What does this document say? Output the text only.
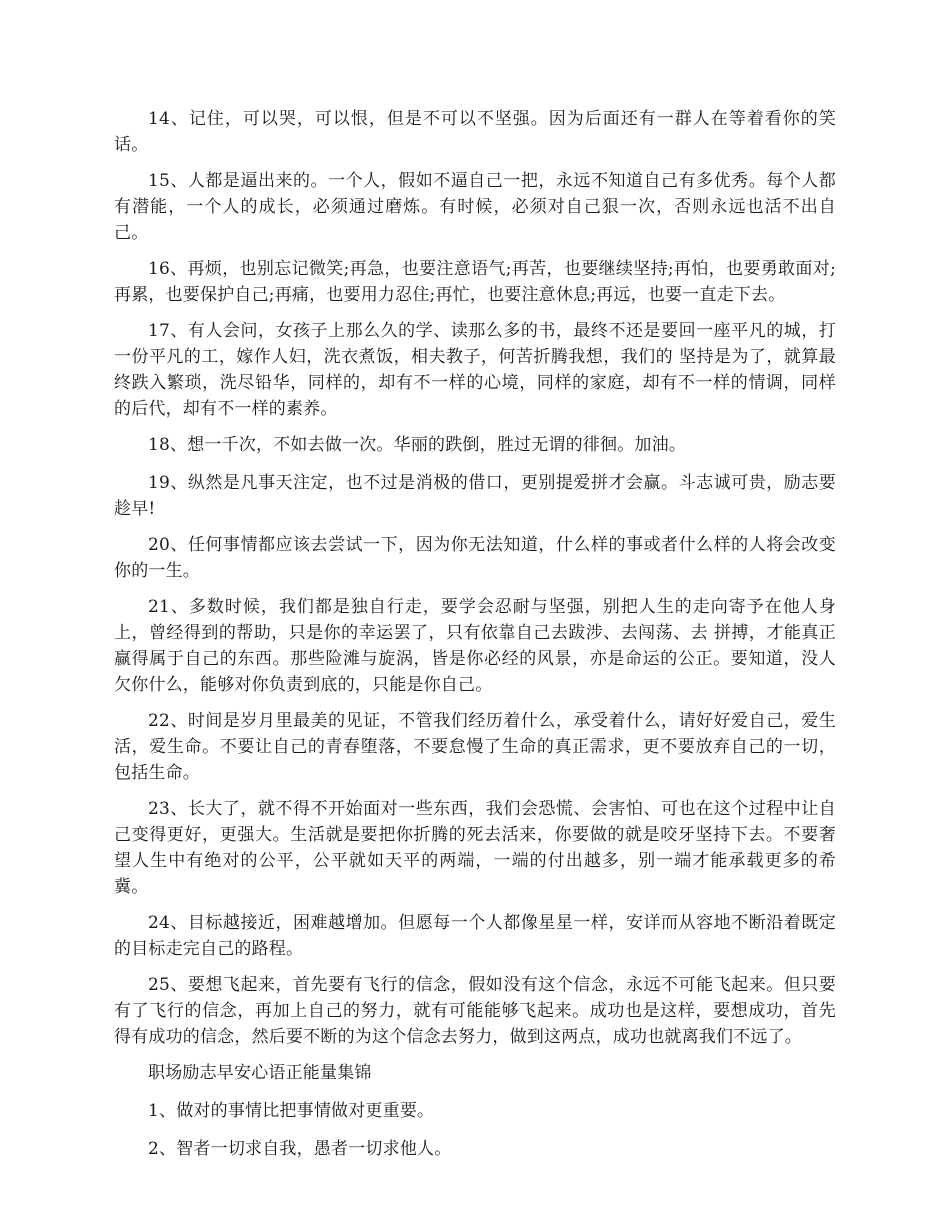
14、记住，可以哭，可以恨，但是不可以不坚强。因为后面还有一群人在等着看你的笑话。

15、人都是逼出来的。一个人，假如不逼自己一把，永远不知道自己有多优秀。每个人都有潜能，一个人的成长，必须通过磨炼。有时候，必须对自己狠一次，否则永远也活不出自己。

16、再烦，也别忘记微笑;再急，也要注意语气;再苦，也要继续坚持;再怕，也要勇敢面对;再累，也要保护自己;再痛，也要用力忍住;再忙，也要注意休息;再远，也要一直走下去。

17、有人会问，女孩子上那么久的学、读那么多的书，最终不还是要回一座平凡的城，打一份平凡的工，嫁作人妇，洗衣煮饭，相夫教子，何苦折腾我想，我们的 坚持是为了，就算最终跌入繁琐，洗尽铅华，同样的，却有不一样的心境，同样的家庭，却有不一样的情调，同样的后代，却有不一样的素养。

18、想一千次，不如去做一次。华丽的跌倒，胜过无谓的徘徊。加油。

19、纵然是凡事天注定，也不过是消极的借口，更别提爱拼才会赢。斗志诚可贵，励志要趁早!

20、任何事情都应该去尝试一下，因为你无法知道，什么样的事或者什么样的人将会改变你的一生。

21、多数时候，我们都是独自行走，要学会忍耐与坚强，别把人生的走向寄予在他人身上，曾经得到的帮助，只是你的幸运罢了，只有依靠自己去跋涉、去闯荡、去 拼搏，才能真正赢得属于自己的东西。那些险滩与旋涡，皆是你必经的风景，亦是命运的公正。要知道，没人欠你什么，能够对你负责到底的，只能是你自己。

22、时间是岁月里最美的见证，不管我们经历着什么，承受着什么，请好好爱自己，爱生活，爱生命。不要让自己的青春堕落，不要怠慢了生命的真正需求，更不要放弃自己的一切，包括生命。

23、长大了，就不得不开始面对一些东西，我们会恐慌、会害怕、可也在这个过程中让自己变得更好，更强大。生活就是要把你折腾的死去活来，你要做的就是咬牙坚持下去。不要奢望人生中有绝对的公平，公平就如天平的两端，一端的付出越多，别一端才能承载更多的希冀。

24、目标越接近，困难越增加。但愿每一个人都像星星一样，安详而从容地不断沿着既定的目标走完自己的路程。

25、要想飞起来，首先要有飞行的信念，假如没有这个信念，永远不可能飞起来。但只要有了飞行的信念，再加上自己的努力，就有可能能够飞起来。成功也是这样，要想成功，首先得有成功的信念，然后要不断的为这个信念去努力，做到这两点，成功也就离我们不远了。

职场励志早安心语正能量集锦

1、做对的事情比把事情做对更重要。

2、智者一切求自我，愚者一切求他人。
